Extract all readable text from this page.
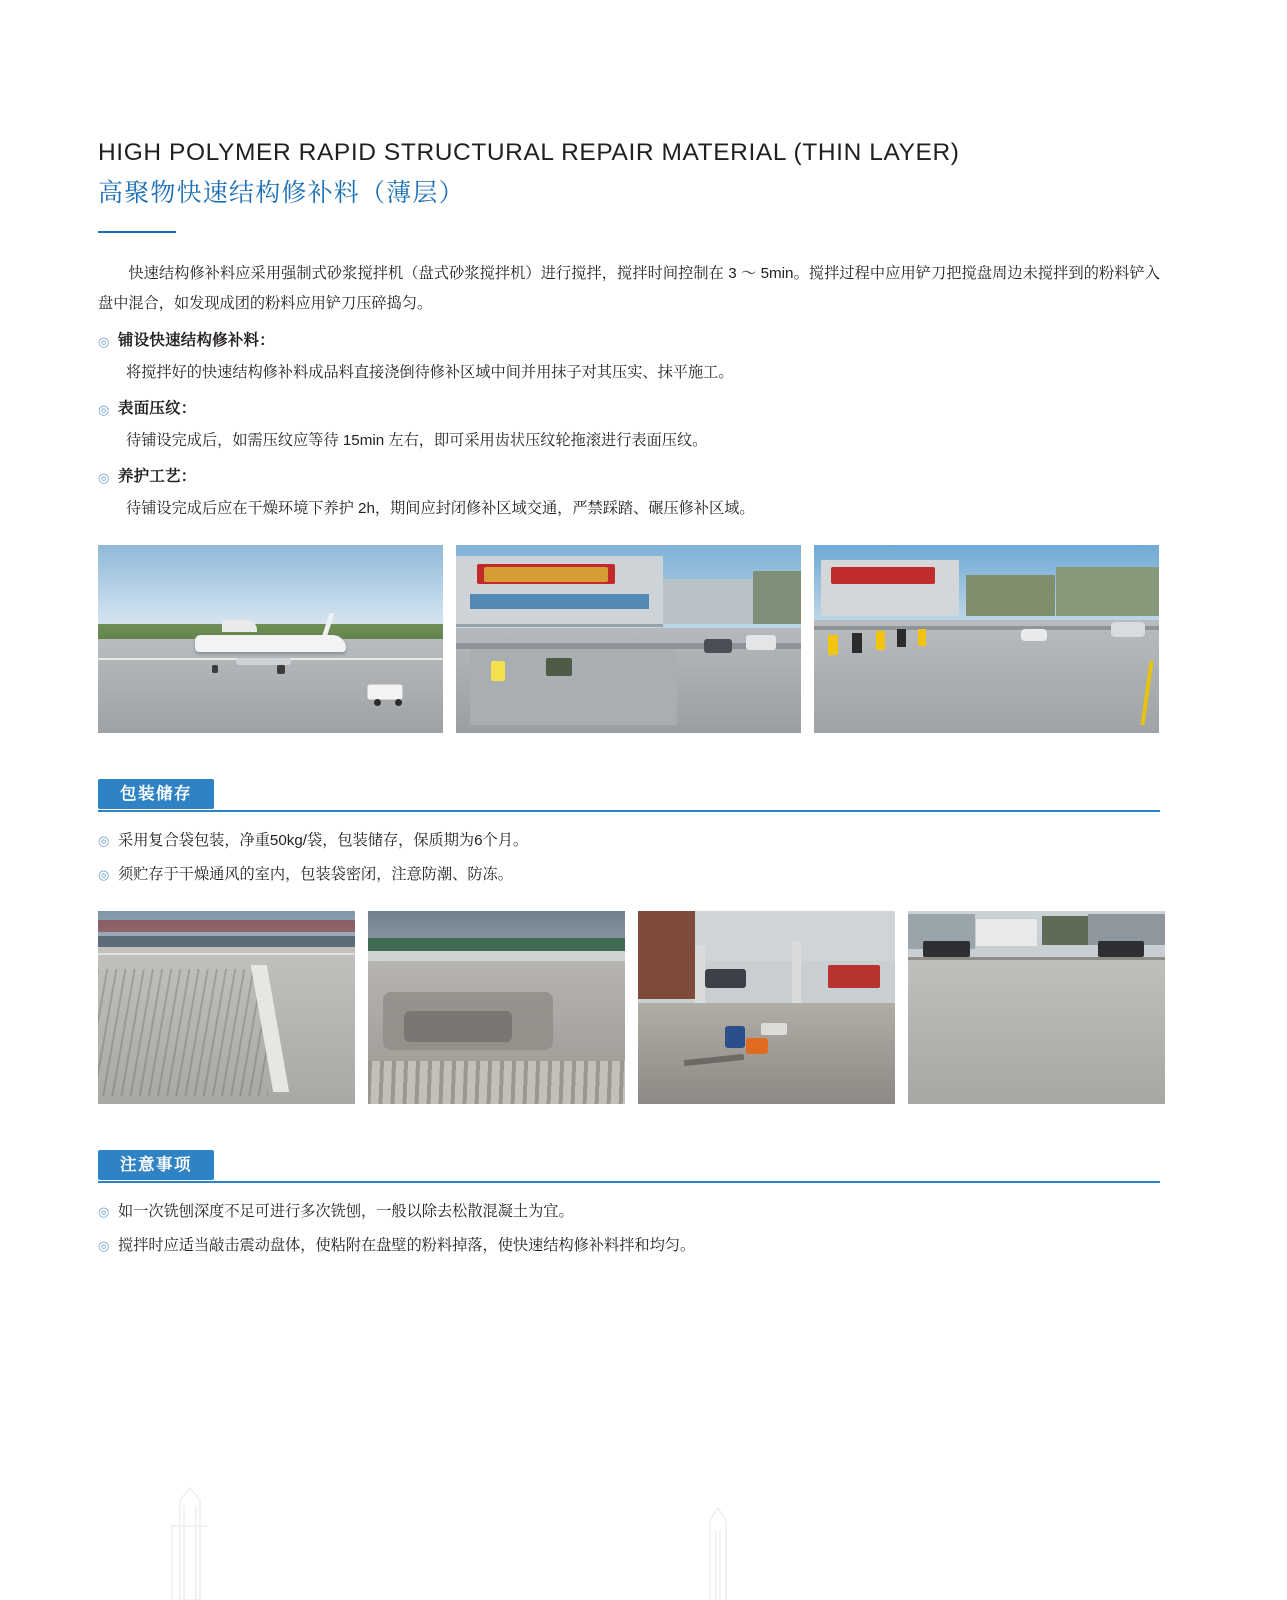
HIGH POLYMER RAPID STRUCTURAL REPAIR MATERIAL (THIN LAYER)
高聚物快速结构修补料（薄层）
快速结构修补料应采用强制式砂浆搅拌机（盘式砂浆搅拌机）进行搅拌，搅拌时间控制在 3 ～ 5min。搅拌过程中应用铲刀把搅盘周边未搅拌到的粉料铲入盘中混合，如发现成团的粉料应用铲刀压碎捣匀。
◎ 铺设快速结构修补料：
将搅拌好的快速结构修补料成品料直接浇倒待修补区域中间并用抹子对其压实、抹平施工。
◎ 表面压纹：
待铺设完成后，如需压纹应等待 15min 左右，即可采用齿状压纹轮拖滚进行表面压纹。
◎ 养护工艺：
待铺设完成后应在干燥环境下养护 2h，期间应封闭修补区域交通，严禁踩踏、碾压修补区域。
包装储存
◎ 采用复合袋包装，净重50kg/袋，包装储存，保质期为6个月。
◎ 须贮存于干燥通风的室内，包装袋密闭，注意防潮、防冻。
注意事项
◎ 如一次铣刨深度不足可进行多次铣刨，一般以除去松散混凝土为宜。
◎ 搅拌时应适当敲击震动盘体，使粘附在盘壁的粉料掉落，使快速结构修补料拌和均匀。
